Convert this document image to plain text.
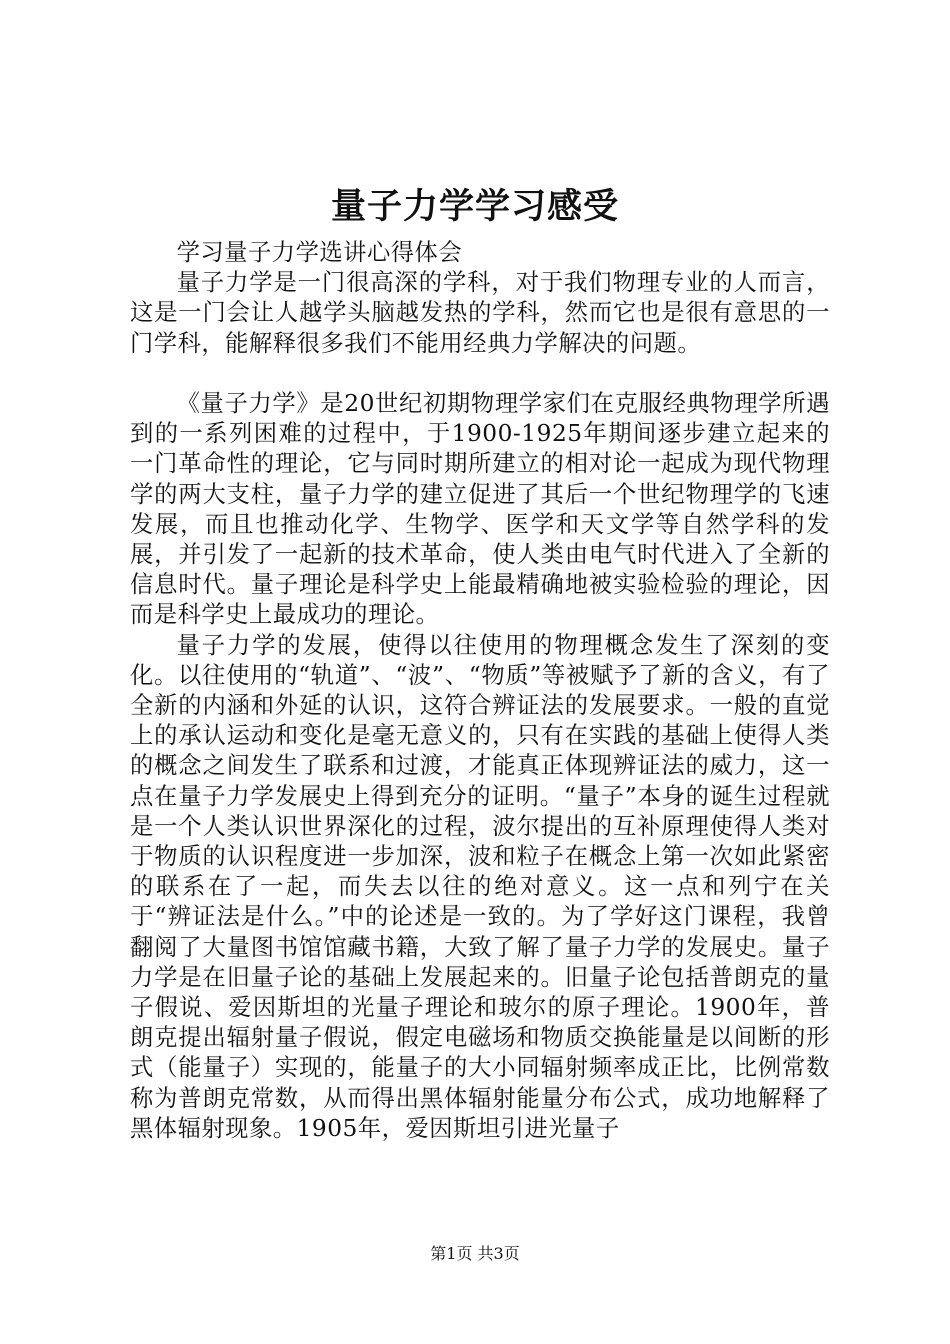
量子力学学习感受

学习量子力学选讲心得体会

量子力学是一门很高深的学科，对于我们物理专业的人而言，这是一门会让人越学头脑越发热的学科，然而它也是很有意思的一门学科，能解释很多我们不能用经典力学解决的问题。

《量子力学》是20世纪初期物理学家们在克服经典物理学所遇到的一系列困难的过程中，于1900-1925年期间逐步建立起来的一门革命性的理论，它与同时期所建立的相对论一起成为现代物理学的两大支柱，量子力学的建立促进了其后一个世纪物理学的飞速发展，而且也推动化学、生物学、医学和天文学等自然学科的发展，并引发了一起新的技术革命，使人类由电气时代进入了全新的信息时代。量子理论是科学史上能最精确地被实验检验的理论，因而是科学史上最成功的理论。

量子力学的发展，使得以往使用的物理概念发生了深刻的变化。以往使用的“轨道”、“波”、“物质”等被赋予了新的含义，有了全新的内涵和外延的认识，这符合辨证法的发展要求。一般的直觉上的承认运动和变化是毫无意义的，只有在实践的基础上使得人类的概念之间发生了联系和过渡，才能真正体现辨证法的威力，这一点在量子力学发展史上得到充分的证明。“量子”本身的诞生过程就是一个人类认识世界深化的过程，波尔提出的互补原理使得人类对于物质的认识程度进一步加深，波和粒子在概念上第一次如此紧密的联系在了一起，而失去以往的绝对意义。这一点和列宁在关于“辨证法是什么。”中的论述是一致的。为了学好这门课程，我曾翻阅了大量图书馆馆藏书籍，大致了解了量子力学的发展史。量子力学是在旧量子论的基础上发展起来的。旧量子论包括普朗克的量子假说、爱因斯坦的光量子理论和玻尔的原子理论。1900年，普朗克提出辐射量子假说，假定电磁场和物质交换能量是以间断的形式（能量子）实现的，能量子的大小同辐射频率成正比，比例常数称为普朗克常数，从而得出黑体辐射能量分布公式，成功地解释了黑体辐射现象。1905年，爱因斯坦引进光量子

第1页 共3页
